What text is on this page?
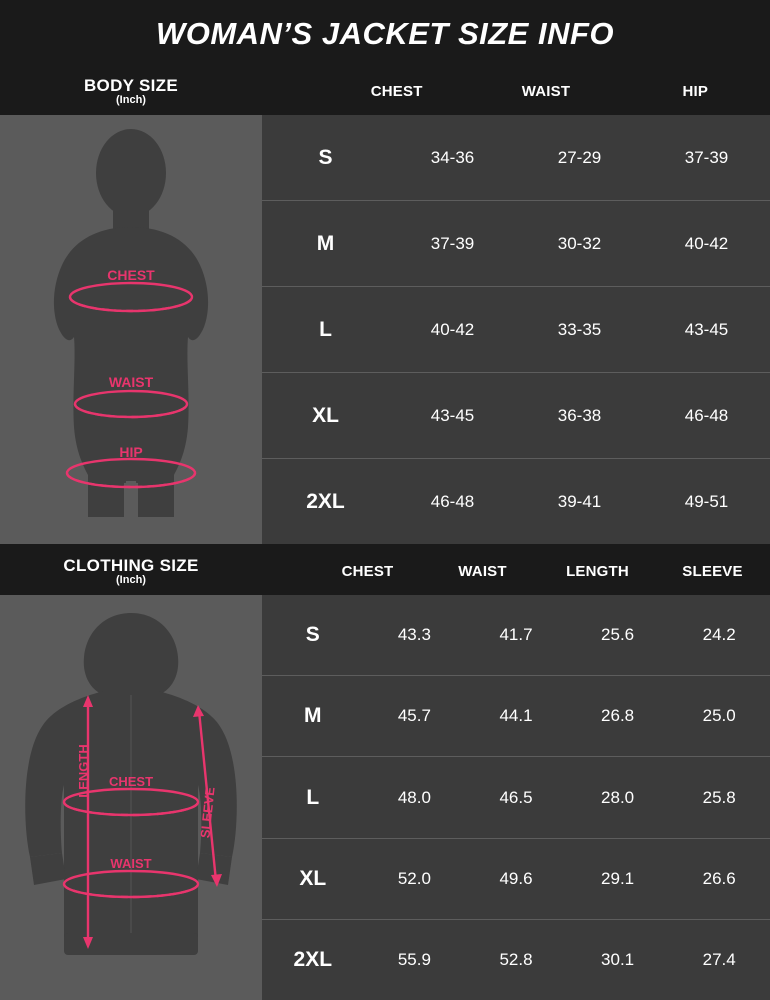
WOMAN’S JACKET SIZE INFO
BODY SIZE
(Inch)	CHEST	WAIST	HIP
CHEST
WAIST
HIP
S	34-36	27-29	37-39
M	37-39	30-32	40-42
L	40-42	33-35	43-45
XL	43-45	36-38	46-48
2XL	46-48	39-41	49-51
CLOTHING SIZE
(Inch)	CHEST	WAIST	LENGTH	SLEEVE
LENGTH CHEST
WAIST
SLEEVE
S	43.3	41.7	25.6	24.2
M	45.7	44.1	26.8	25.0
L	48.0	46.5	28.0	25.8
XL	52.0	49.6	29.1	26.6
2XL	55.9	52.8	30.1	27.4
